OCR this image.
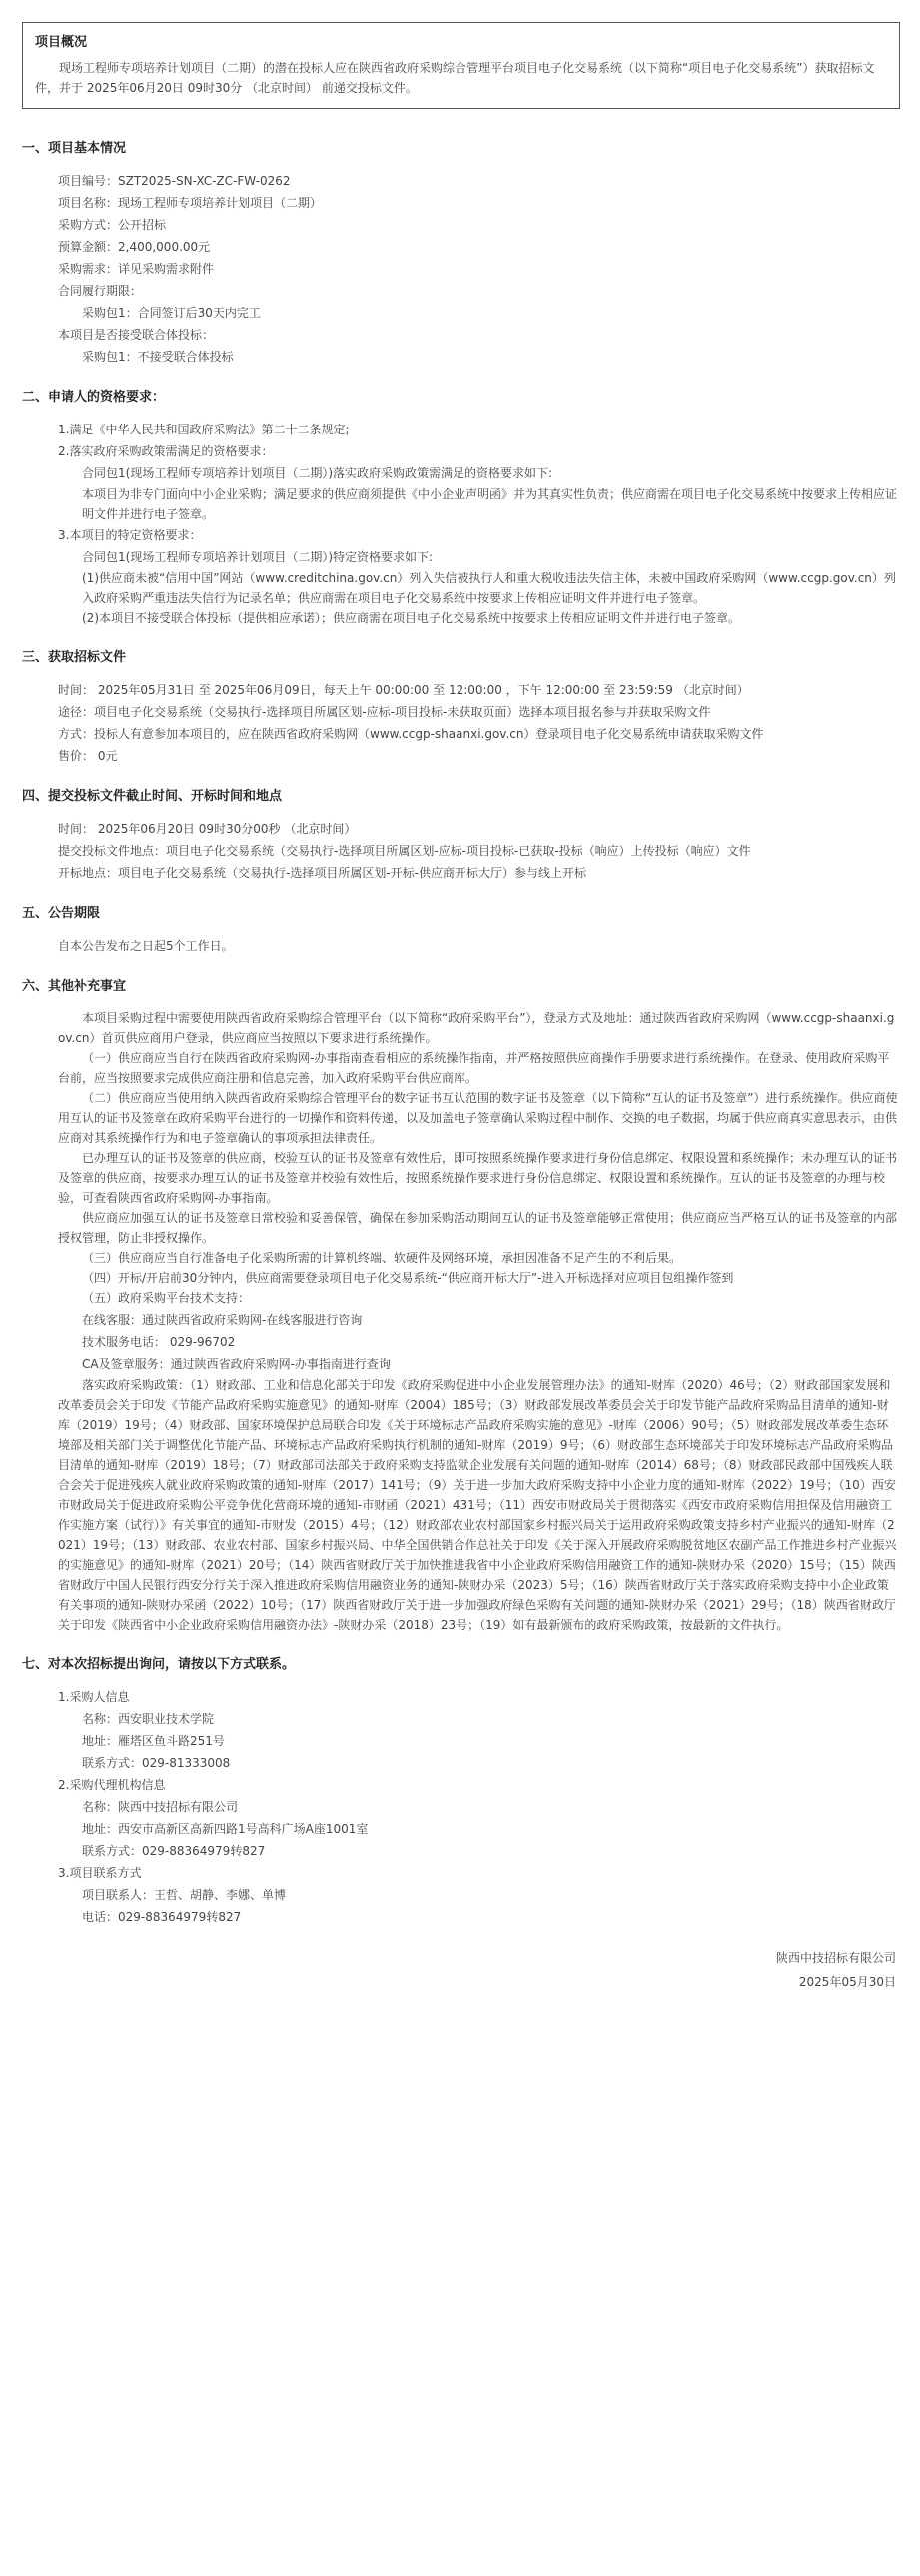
项目概况
现场工程师专项培养计划项目（二期）的潜在投标人应在陕西省政府采购综合管理平台项目电子化交易系统（以下简称“项目电子化交易系统”）获取招标文件，并于 2025年06月20日 09时30分 （北京时间） 前递交投标文件。
一、项目基本情况
项目编号：SZT2025-SN-XC-ZC-FW-0262
项目名称：现场工程师专项培养计划项目（二期）
采购方式：公开招标
预算金额：2,400,000.00元
采购需求：详见采购需求附件
合同履行期限：
采购包1：合同签订后30天内完工
本项目是否接受联合体投标：
采购包1：不接受联合体投标
二、申请人的资格要求：
1.满足《中华人民共和国政府采购法》第二十二条规定;
2.落实政府采购政策需满足的资格要求：
合同包1(现场工程师专项培养计划项目（二期）)落实政府采购政策需满足的资格要求如下:
本项目为非专门面向中小企业采购；满足要求的供应商须提供《中小企业声明函》并为其真实性负责；供应商需在项目电子化交易系统中按要求上传相应证明文件并进行电子签章。
3.本项目的特定资格要求：
合同包1(现场工程师专项培养计划项目（二期）)特定资格要求如下:
(1)供应商未被“信用中国”网站（www.creditchina.gov.cn）列入失信被执行人和重大税收违法失信主体，未被中国政府采购网（www.ccgp.gov.cn）列入政府采购严重违法失信行为记录名单；供应商需在项目电子化交易系统中按要求上传相应证明文件并进行电子签章。
(2)本项目不接受联合体投标（提供相应承诺）；供应商需在项目电子化交易系统中按要求上传相应证明文件并进行电子签章。
三、获取招标文件
时间： 2025年05月31日 至 2025年06月09日，每天上午 00:00:00 至 12:00:00 ，下午 12:00:00 至 23:59:59 （北京时间）
途径：项目电子化交易系统（交易执行-选择项目所属区划-应标-项目投标-未获取页面）选择本项目报名参与并获取采购文件
方式：投标人有意参加本项目的，应在陕西省政府采购网（www.ccgp-shaanxi.gov.cn）登录项目电子化交易系统申请获取采购文件
售价： 0元
四、提交投标文件截止时间、开标时间和地点
时间： 2025年06月20日 09时30分00秒 （北京时间）
提交投标文件地点：项目电子化交易系统（交易执行-选择项目所属区划-应标-项目投标-已获取-投标（响应）上传投标（响应）文件
开标地点：项目电子化交易系统（交易执行-选择项目所属区划-开标-供应商开标大厅）参与线上开标
五、公告期限
自本公告发布之日起5个工作日。
六、其他补充事宜
本项目采购过程中需要使用陕西省政府采购综合管理平台（以下简称“政府采购平台”），登录方式及地址：通过陕西省政府采购网（www.ccgp-shaanxi.gov.cn）首页供应商用户登录，供应商应当按照以下要求进行系统操作。
（一）供应商应当自行在陕西省政府采购网-办事指南查看相应的系统操作指南，并严格按照供应商操作手册要求进行系统操作。在登录、使用政府采购平台前，应当按照要求完成供应商注册和信息完善，加入政府采购平台供应商库。
（二）供应商应当使用纳入陕西省政府采购综合管理平台的数字证书互认范围的数字证书及签章（以下简称“互认的证书及签章”）进行系统操作。供应商使用互认的证书及签章在政府采购平台进行的一切操作和资料传递，以及加盖电子签章确认采购过程中制作、交换的电子数据，均属于供应商真实意思表示，由供应商对其系统操作行为和电子签章确认的事项承担法律责任。
已办理互认的证书及签章的供应商，校验互认的证书及签章有效性后，即可按照系统操作要求进行身份信息绑定、权限设置和系统操作；未办理互认的证书及签章的供应商，按要求办理互认的证书及签章并校验有效性后，按照系统操作要求进行身份信息绑定、权限设置和系统操作。互认的证书及签章的办理与校验，可查看陕西省政府采购网-办事指南。
供应商应加强互认的证书及签章日常校验和妥善保管，确保在参加采购活动期间互认的证书及签章能够正常使用；供应商应当严格互认的证书及签章的内部授权管理，防止非授权操作。
（三）供应商应当自行准备电子化采购所需的计算机终端、软硬件及网络环境，承担因准备不足产生的不利后果。
（四）开标/开启前30分钟内，供应商需要登录项目电子化交易系统-“供应商开标大厅”-进入开标选择对应项目包组操作签到
（五）政府采购平台技术支持：
在线客服：通过陕西省政府采购网-在线客服进行咨询
技术服务电话： 029-96702
CA及签章服务：通过陕西省政府采购网-办事指南进行查询
落实政府采购政策：（1）财政部、工业和信息化部关于印发《政府采购促进中小企业发展管理办法》的通知-财库（2020）46号；（2）财政部国家发展和改革委员会关于印发《节能产品政府采购实施意见》的通知-财库（2004）185号；（3）财政部发展改革委员会关于印发节能产品政府采购品目清单的通知-财库（2019）19号；（4）财政部、国家环境保护总局联合印发《关于环境标志产品政府采购实施的意见》-财库（2006）90号；（5）财政部发展改革委生态环境部及相关部门关于调整优化节能产品、环境标志产品政府采购执行机制的通知-财库（2019）9号；（6）财政部生态环境部关于印发环境标志产品政府采购品目清单的通知-财库（2019）18号；（7）财政部司法部关于政府采购支持监狱企业发展有关问题的通知-财库（2014）68号；（8）财政部民政部中国残疾人联合会关于促进残疾人就业政府采购政策的通知-财库（2017）141号；（9）关于进一步加大政府采购支持中小企业力度的通知-财库（2022）19号；（10）西安市财政局关于促进政府采购公平竞争优化营商环境的通知-市财函（2021）431号；（11）西安市财政局关于贯彻落实《西安市政府采购信用担保及信用融资工作实施方案（试行）》有关事宜的通知-市财发（2015）4号；（12）财政部农业农村部国家乡村振兴局关于运用政府采购政策支持乡村产业振兴的通知-财库（2021）19号；（13）财政部、农业农村部、国家乡村振兴局、中华全国供销合作总社关于印发《关于深入开展政府采购脱贫地区农副产品工作推进乡村产业振兴的实施意见》的通知-财库（2021）20号；（14）陕西省财政厅关于加快推进我省中小企业政府采购信用融资工作的通知-陕财办采（2020）15号；（15）陕西省财政厅中国人民银行西安分行关于深入推进政府采购信用融资业务的通知-陕财办采（2023）5号；（16）陕西省财政厅关于落实政府采购支持中小企业政策有关事项的通知-陕财办采函（2022）10号；（17）陕西省财政厅关于进一步加强政府绿色采购有关问题的通知-陕财办采（2021）29号；（18）陕西省财政厅关于印发《陕西省中小企业政府采购信用融资办法》-陕财办采（2018）23号；（19）如有最新颁布的政府采购政策，按最新的文件执行。
七、对本次招标提出询问，请按以下方式联系。
1.采购人信息
名称：西安职业技术学院
地址：雁塔区鱼斗路251号
联系方式：029-81333008
2.采购代理机构信息
名称：陕西中技招标有限公司
地址：西安市高新区高新四路1号高科广场A座1001室
联系方式：029-88364979转827
3.项目联系方式
项目联系人：王哲、胡静、李娜、单博
电话：029-88364979转827
陕西中技招标有限公司
2025年05月30日
